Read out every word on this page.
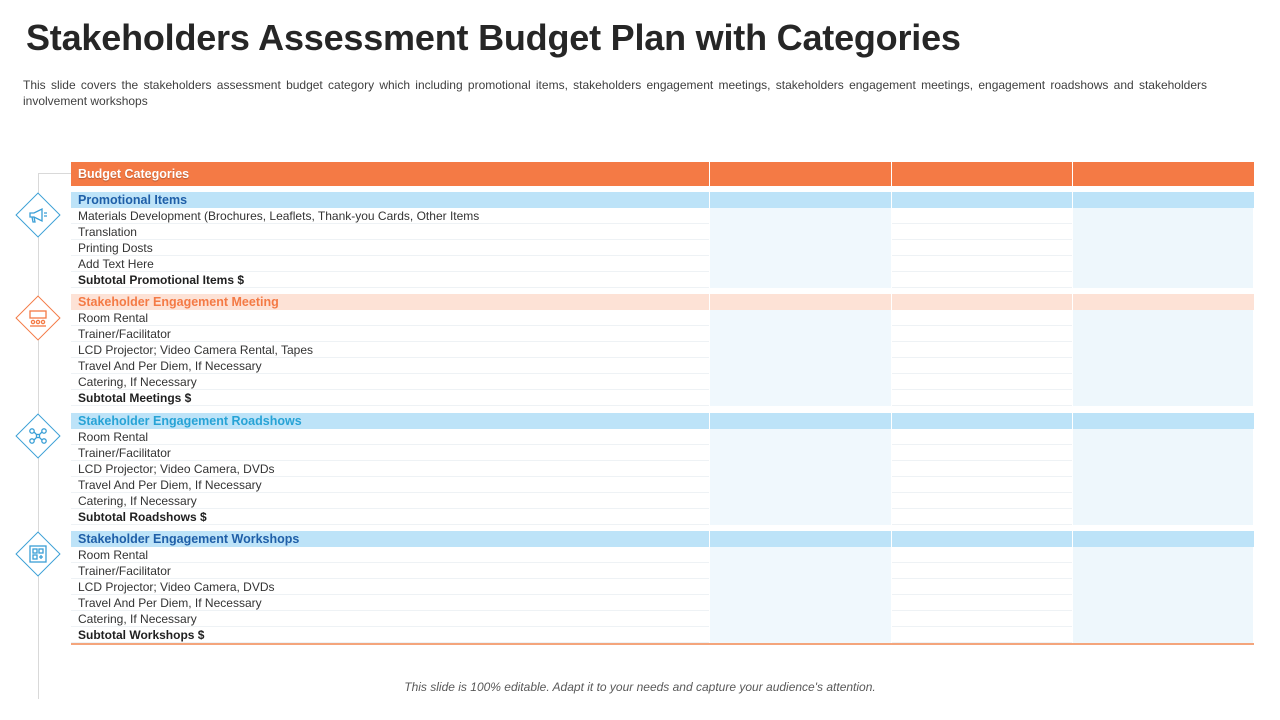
Stakeholders Assessment Budget Plan with Categories
This slide covers the stakeholders assessment budget category which including promotional items, stakeholders engagement meetings, stakeholders engagement meetings, engagement roadshows and stakeholders involvement workshops
Budget Categories
Promotional Items
Materials Development (Brochures, Leaflets, Thank-you Cards, Other Items
Translation
Printing Dosts
Add Text Here
Subtotal Promotional Items $
Stakeholder Engagement Meeting
Room Rental
Trainer/Facilitator
LCD Projector; Video Camera Rental, Tapes
Travel And Per Diem, If Necessary
Catering, If Necessary
Subtotal Meetings $
Stakeholder Engagement Roadshows
Room Rental
Trainer/Facilitator
LCD Projector; Video Camera, DVDs
Travel And Per Diem, If Necessary
Catering, If Necessary
Subtotal Roadshows $
Stakeholder Engagement Workshops
Room Rental
Trainer/Facilitator
LCD Projector; Video Camera, DVDs
Travel And Per Diem, If Necessary
Catering, If Necessary
Subtotal Workshops $
This slide is 100% editable. Adapt it to your needs and capture your audience's attention.
